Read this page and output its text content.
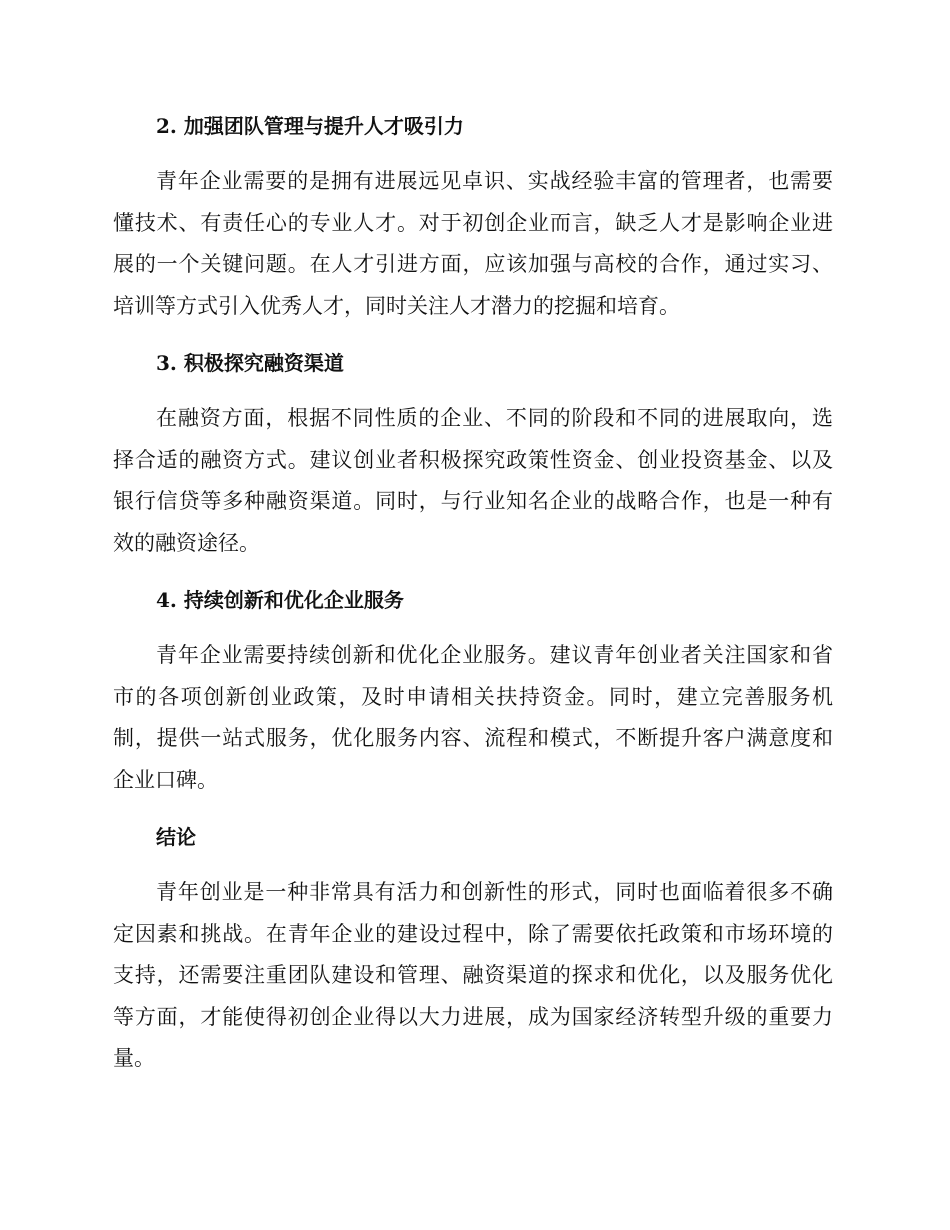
2. 加强团队管理与提升人才吸引力
青年企业需要的是拥有进展远见卓识、实战经验丰富的管理者，也需要
懂技术、有责任心的专业人才。对于初创企业而言，缺乏人才是影响企业进
展的一个关键问题。在人才引进方面，应该加强与高校的合作，通过实习、
培训等方式引入优秀人才，同时关注人才潜力的挖掘和培育。
3. 积极探究融资渠道
在融资方面，根据不同性质的企业、不同的阶段和不同的进展取向，选
择合适的融资方式。建议创业者积极探究政策性资金、创业投资基金、以及
银行信贷等多种融资渠道。同时，与行业知名企业的战略合作，也是一种有
效的融资途径。
4. 持续创新和优化企业服务
青年企业需要持续创新和优化企业服务。建议青年创业者关注国家和省
市的各项创新创业政策，及时申请相关扶持资金。同时，建立完善服务机
制，提供一站式服务，优化服务内容、流程和模式，不断提升客户满意度和
企业口碑。
结论
青年创业是一种非常具有活力和创新性的形式，同时也面临着很多不确
定因素和挑战。在青年企业的建设过程中，除了需要依托政策和市场环境的
支持，还需要注重团队建设和管理、融资渠道的探求和优化，以及服务优化
等方面，才能使得初创企业得以大力进展，成为国家经济转型升级的重要力
量。
